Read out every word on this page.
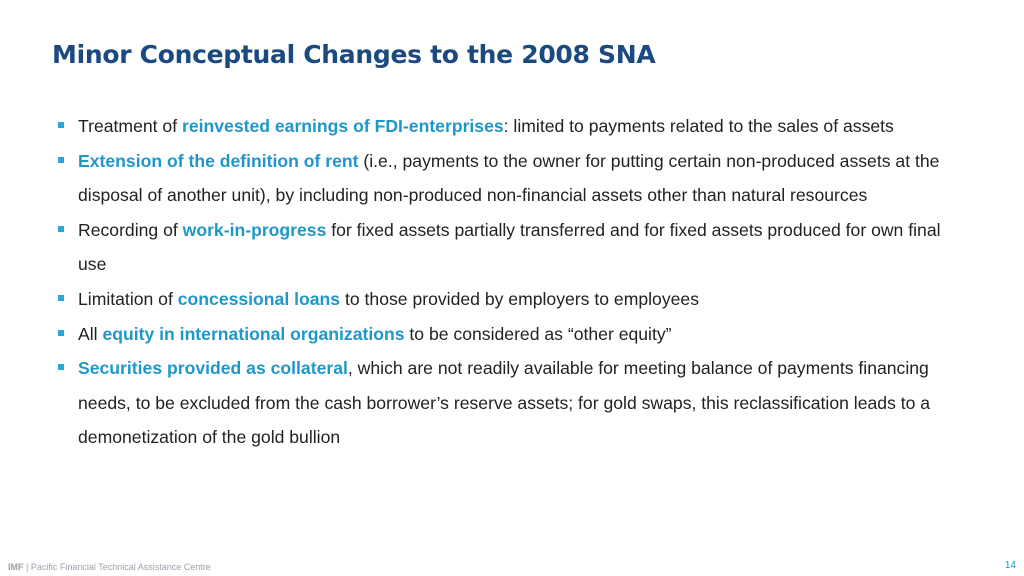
Minor Conceptual Changes to the 2008 SNA
Treatment of reinvested earnings of FDI-enterprises: limited to payments related to the sales of assets
Extension of the definition of rent (i.e., payments to the owner for putting certain non-produced assets at the disposal of another unit), by including non-produced non-financial assets other than natural resources
Recording of work-in-progress for fixed assets partially transferred and for fixed assets produced for own final use
Limitation of concessional loans to those provided by employers to employees
All equity in international organizations to be considered as “other equity”
Securities provided as collateral, which are not readily available for meeting balance of payments financing needs, to be excluded from the cash borrower’s reserve assets; for gold swaps, this reclassification leads to a demonetization of the gold bullion
IMF | Pacific Financial Technical Assistance Centre	14
